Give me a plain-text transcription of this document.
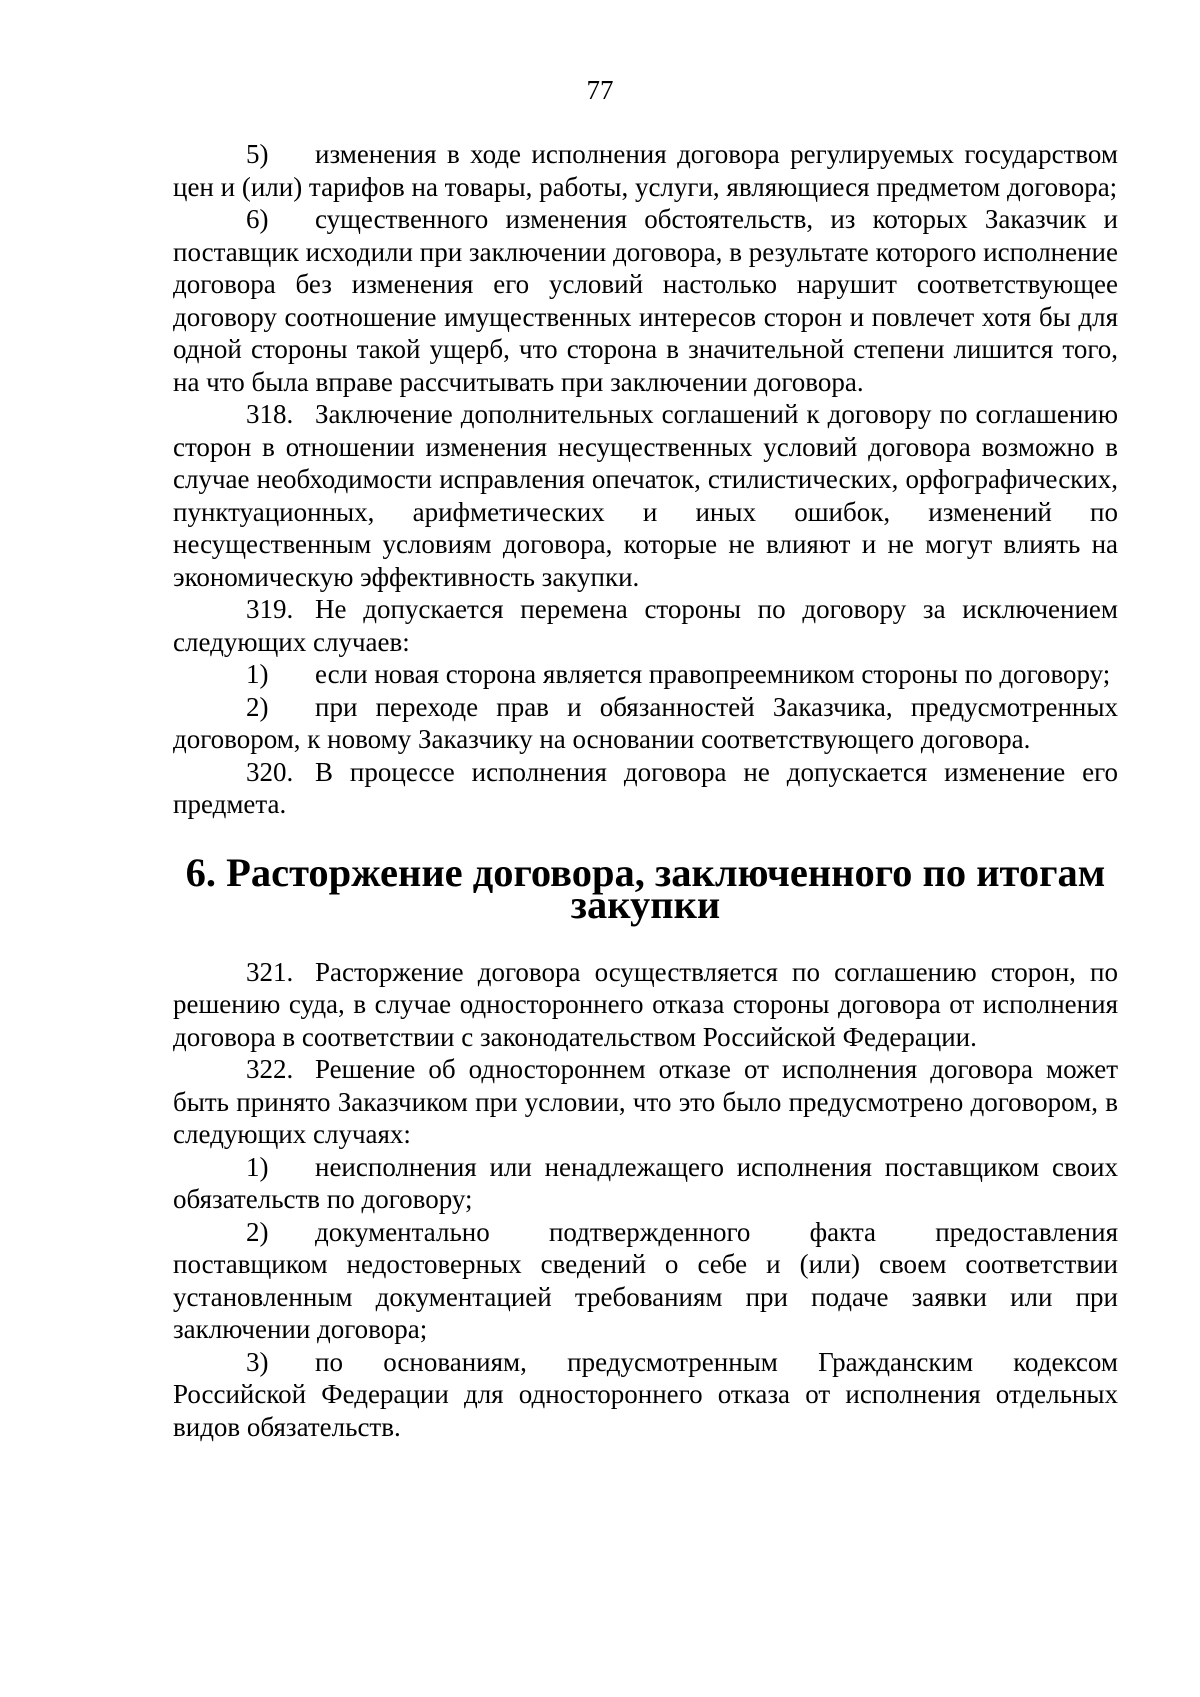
77

5) изменения в ходе исполнения договора регулируемых государством цен и (или) тарифов на товары, работы, услуги, являющиеся предметом договора;

6) существенного изменения обстоятельств, из которых Заказчик и поставщик исходили при заключении договора, в результате которого исполнение договора без изменения его условий настолько нарушит соответствующее договору соотношение имущественных интересов сторон и повлечет хотя бы для одной стороны такой ущерб, что сторона в значительной степени лишится того, на что была вправе рассчитывать при заключении договора.

318. Заключение дополнительных соглашений к договору по соглашению сторон в отношении изменения несущественных условий договора возможно в случае необходимости исправления опечаток, стилистических, орфографических, пунктуационных, арифметических и иных ошибок, изменений по несущественным условиям договора, которые не влияют и не могут влиять на экономическую эффективность закупки.

319. Не допускается перемена стороны по договору за исключением следующих случаев:

1) если новая сторона является правопреемником стороны по договору;

2) при переходе прав и обязанностей Заказчика, предусмотренных договором, к новому Заказчику на основании соответствующего договора.

320. В процессе исполнения договора не допускается изменение его предмета.

6. Расторжение договора, заключенного по итогам закупки

321. Расторжение договора осуществляется по соглашению сторон, по решению суда, в случае одностороннего отказа стороны договора от исполнения договора в соответствии с законодательством Российской Федерации.

322. Решение об одностороннем отказе от исполнения договора может быть принято Заказчиком при условии, что это было предусмотрено договором, в следующих случаях:

1) неисполнения или ненадлежащего исполнения поставщиком своих обязательств по договору;

2) документально подтвержденного факта предоставления поставщиком недостоверных сведений о себе и (или) своем соответствии установленным документацией требованиям при подаче заявки или при заключении договора;

3) по основаниям, предусмотренным Гражданским кодексом Российской Федерации для одностороннего отказа от исполнения отдельных видов обязательств.
